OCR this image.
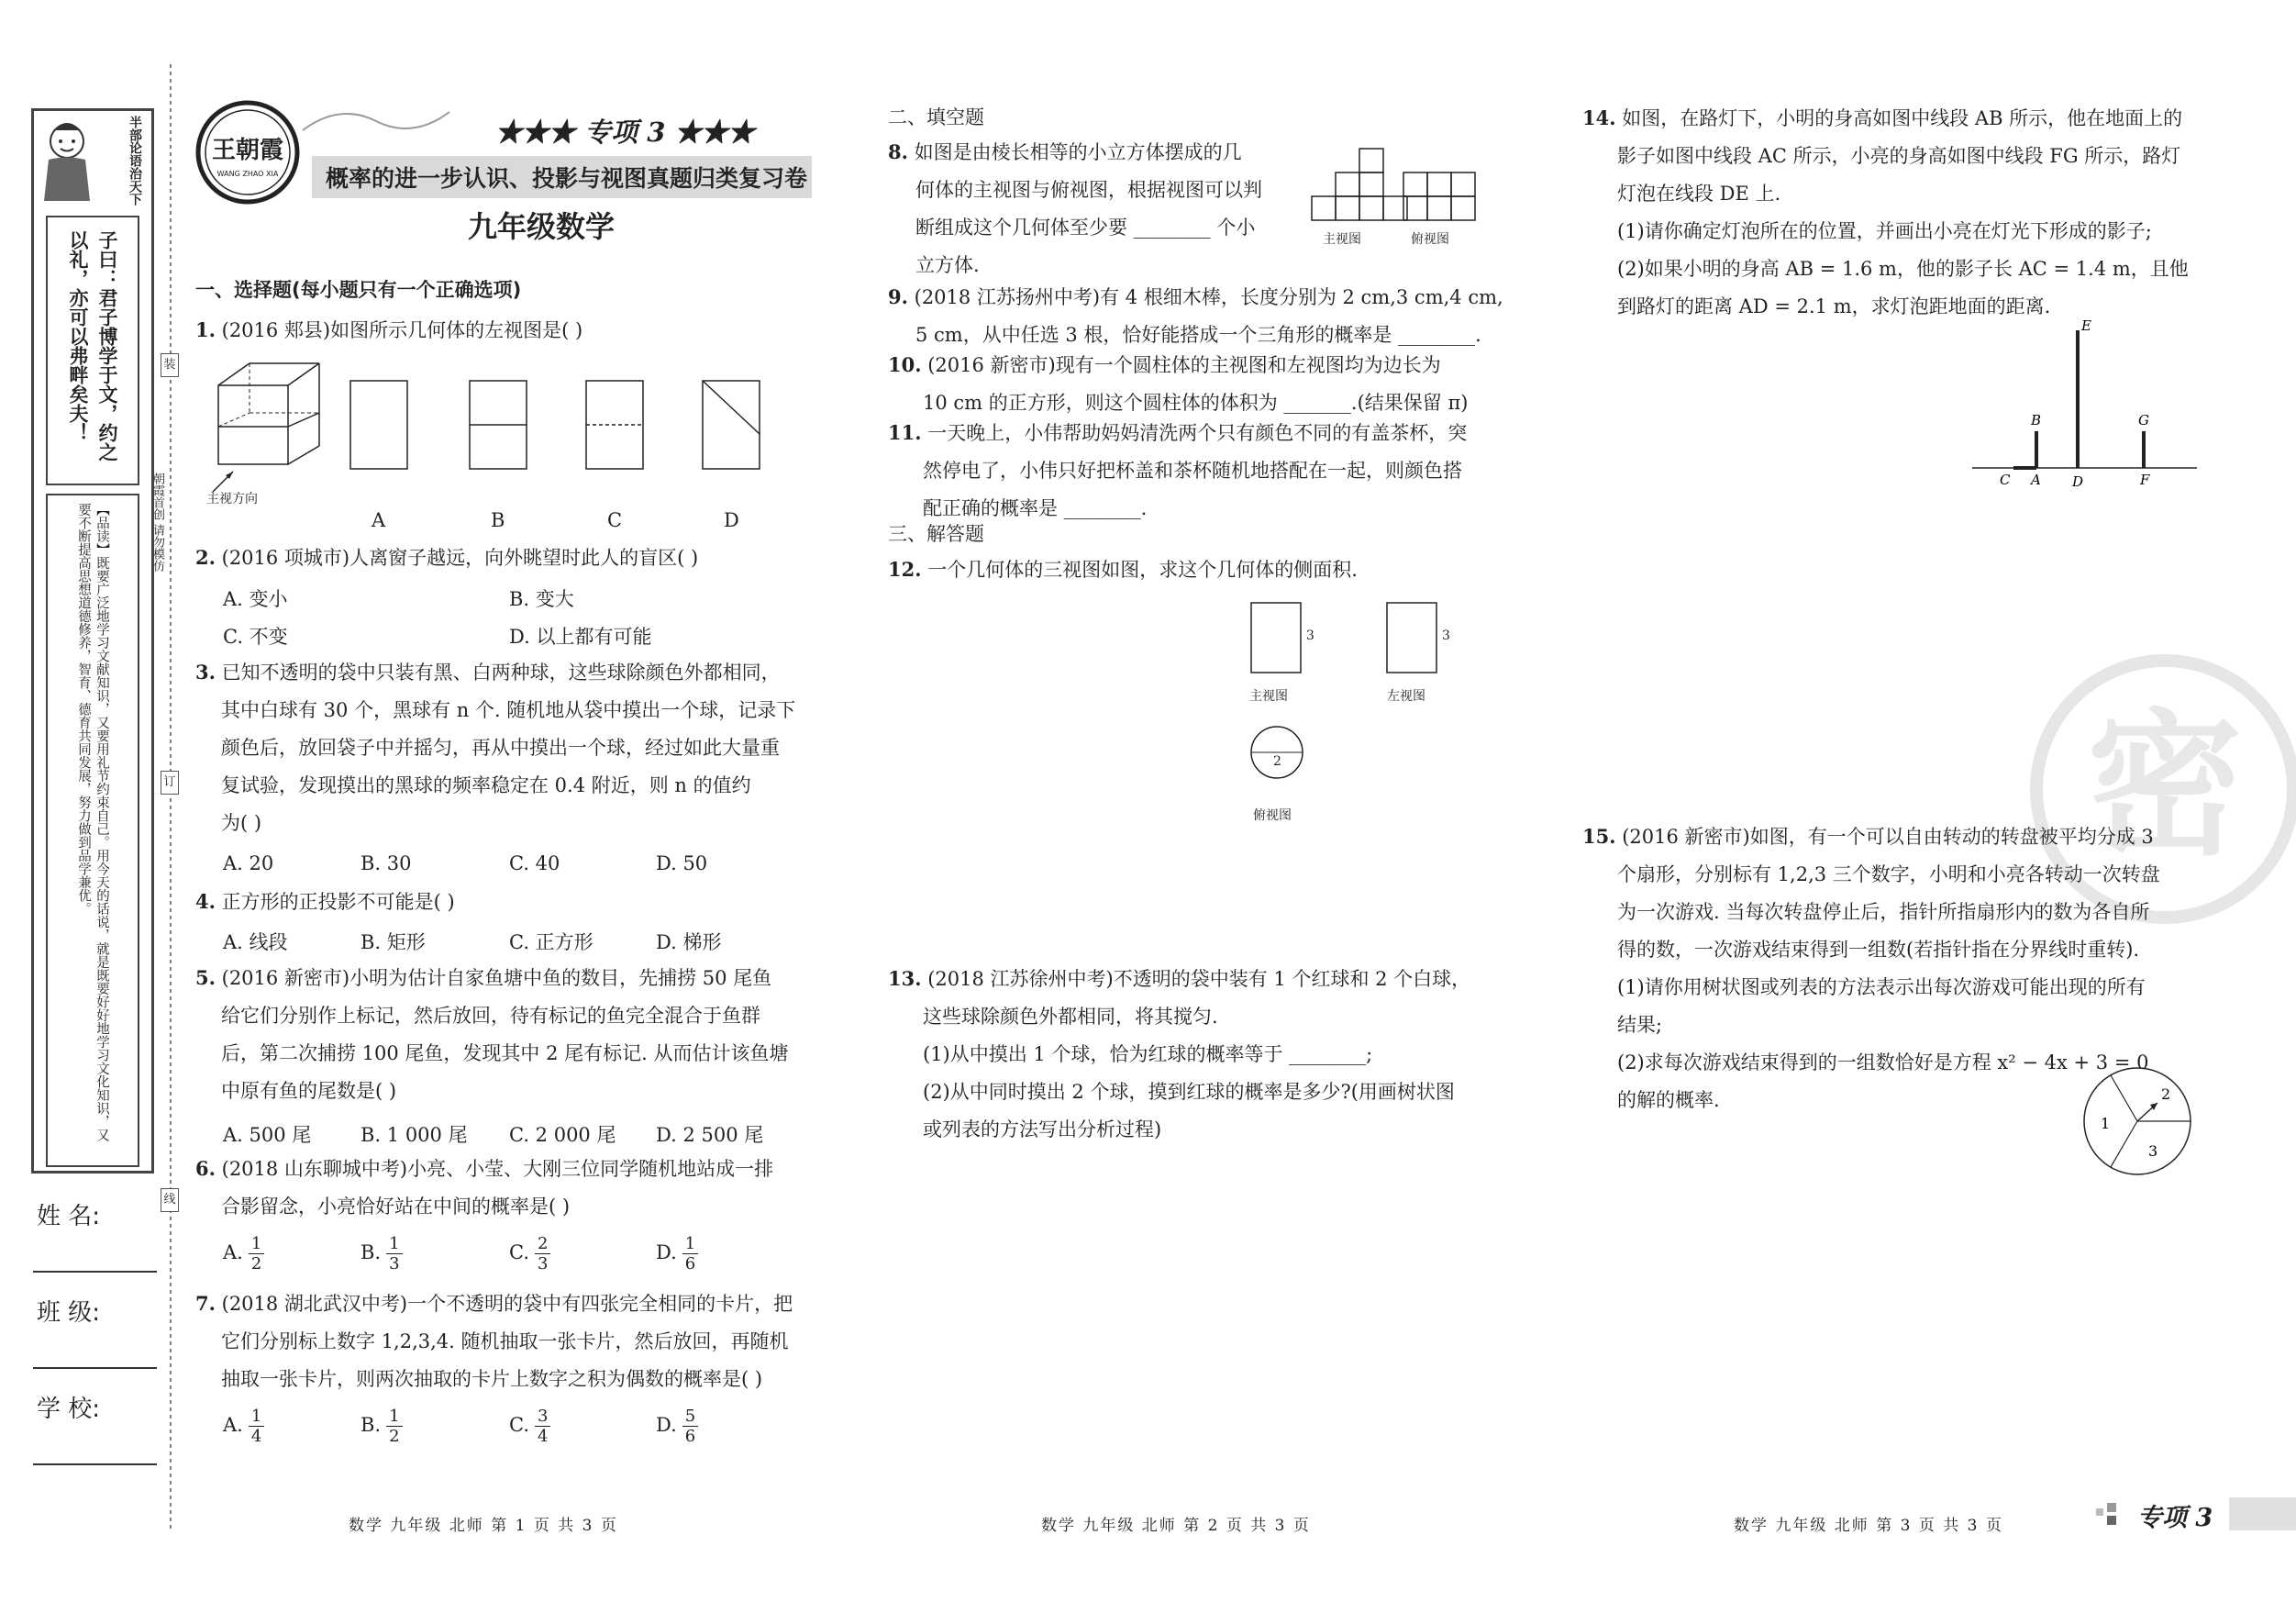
半部论语治天下
子曰：君子博学于文，约之以礼，亦可以弗畔矣夫！
【品读】既要广泛地学习文献知识，又要用礼节约束自己。用今天的话说，就是既要好好地学习文化知识，又要不断提高思想道德修养，智育、德育共同发展，努力做到品学兼优。	朝霞首创 请勿模仿
装
订
线
姓 名:
班 级:
学 校:
王朝霞
WANG ZHAO XIA
★★★ 专项 3 ★★★
概率的进一步认识、投影与视图真题归类复习卷
九年级数学
一、选择题(每小题只有一个正确选项)
1. (2016 郏县)如图所示几何体的左视图是( )
主视方向
A	B	C	D
2. (2016 项城市)人离窗子越远，向外眺望时此人的盲区( )
A. 变小	B. 变大
C. 不变	D. 以上都有可能
3. 已知不透明的袋中只装有黑、白两种球，这些球除颜色外都相同，
其中白球有 30 个，黑球有 n 个. 随机地从袋中摸出一个球，记录下
颜色后，放回袋子中并摇匀，再从中摸出一个球，经过如此大量重
复试验，发现摸出的黑球的频率稳定在 0.4 附近，则 n 的值约
为( )
A. 20	B. 30	C. 40	D. 50
4. 正方形的正投影不可能是( )
A. 线段	B. 矩形	C. 正方形	D. 梯形
5. (2016 新密市)小明为估计自家鱼塘中鱼的数目，先捕捞 50 尾鱼
给它们分别作上标记，然后放回，待有标记的鱼完全混合于鱼群
后，第二次捕捞 100 尾鱼，发现其中 2 尾有标记. 从而估计该鱼塘
中原有鱼的尾数是( )
A. 500 尾	B. 1 000 尾 C. 2 000 尾 D. 2 500 尾
6. (2018 山东聊城中考)小亮、小莹、大刚三位同学随机地站成一排
合影留念，小亮恰好站在中间的概率是( )
A. $\frac{1}{2}$	B. $\frac{1}{3}$	C. $\frac{2}{3}$	D. $\frac{1}{6}$
7. (2018 湖北武汉中考)一个不透明的袋中有四张完全相同的卡片，把
它们分别标上数字 1,2,3,4. 随机抽取一张卡片，然后放回，再随机
抽取一张卡片，则两次抽取的卡片上数字之积为偶数的概率是( )
A. $\frac{1}{4}$	B. $\frac{1}{2}$	C. $\frac{3}{4}$	D. $\frac{5}{6}$
数学 九年级 北师 第 1 页 共 3 页
二、填空题
8. 如图是由棱长相等的小立方体摆成的几
何体的主视图与俯视图，根据视图可以判
断组成这个几何体至少要 ________ 个小
立方体.
主视图	俯视图
9. (2018 江苏扬州中考)有 4 根细木棒，长度分别为 2 cm,3 cm,4 cm,
5 cm，从中任选 3 根，恰好能搭成一个三角形的概率是 ________.
10. (2016 新密市)现有一个圆柱体的主视图和左视图均为边长为
10 cm 的正方形，则这个圆柱体的体积为 _______.(结果保留 π)
11. 一天晚上，小伟帮助妈妈清洗两个只有颜色不同的有盖茶杯，突
然停电了，小伟只好把杯盖和茶杯随机地搭配在一起，则颜色搭
配正确的概率是 ________.
三、解答题
12. 一个几何体的三视图如图，求这个几何体的侧面积.
3	3
主视图	左视图
2
俯视图
13. (2018 江苏徐州中考)不透明的袋中装有 1 个红球和 2 个白球，
这些球除颜色外都相同，将其搅匀.
(1)从中摸出 1 个球，恰为红球的概率等于 ________;
(2)从中同时摸出 2 个球，摸到红球的概率是多少?(用画树状图
或列表的方法写出分析过程)
数学 九年级 北师 第 2 页 共 3 页
14. 如图，在路灯下，小明的身高如图中线段 AB 所示，他在地面上的
影子如图中线段 AC 所示，小亮的身高如图中线段 FG 所示，路灯
灯泡在线段 DE 上.
(1)请你确定灯泡所在的位置，并画出小亮在灯光下形成的影子;
(2)如果小明的身高 AB = 1.6 m，他的影子长 AC = 1.4 m，且他
到路灯的距离 AD = 2.1 m，求灯泡距地面的距离.
E
B	G
C A D	F
密
15. (2016 新密市)如图，有一个可以自由转动的转盘被平均分成 3
个扇形，分别标有 1,2,3 三个数字，小明和小亮各转动一次转盘
为一次游戏. 当每次转盘停止后，指针所指扇形内的数为各自所
得的数，一次游戏结束得到一组数(若指针指在分界线时重转).
(1)请你用树状图或列表的方法表示出每次游戏可能出现的所有
结果;
(2)求每次游戏结束得到的一组数恰好是方程 x² − 4x + 3 = 0
的解的概率.
1
2
3
数学 九年级 北师 第 3 页 共 3 页	专项 3
